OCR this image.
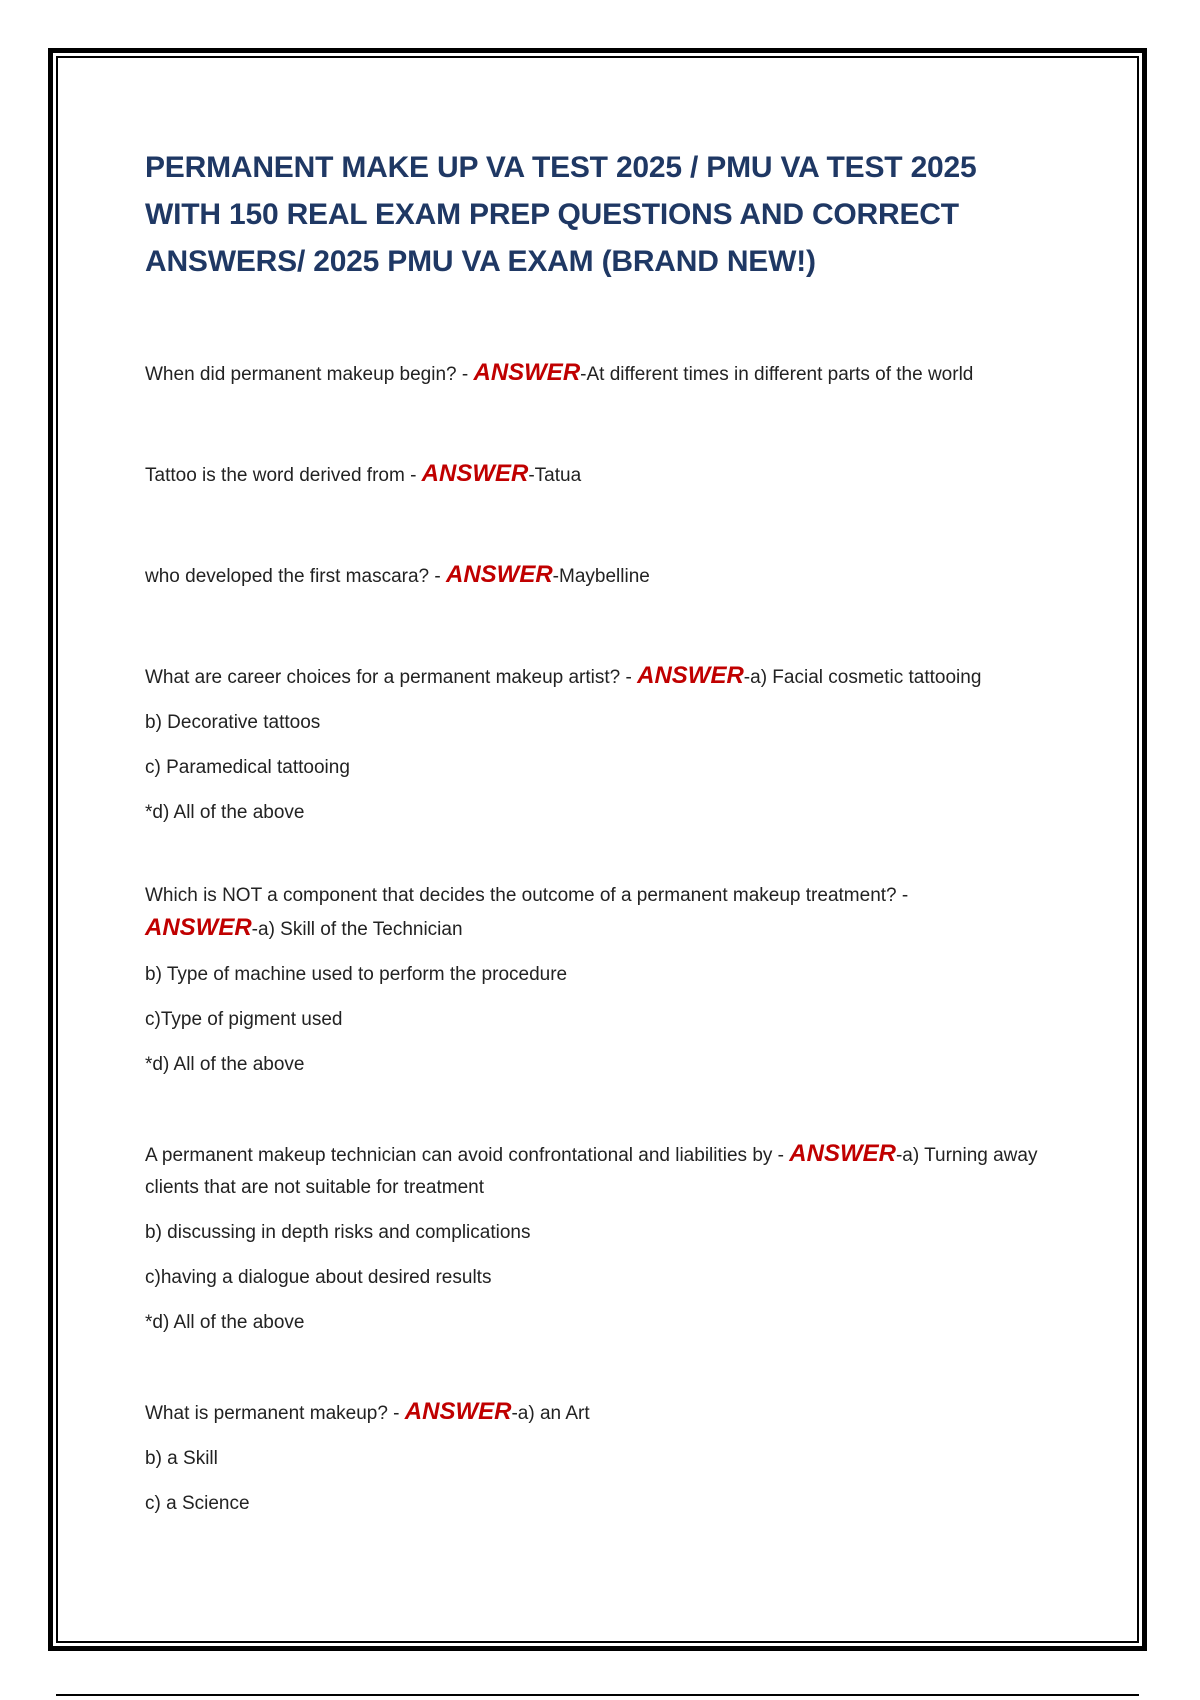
PERMANENT MAKE UP VA TEST 2025 / PMU VA TEST 2025 WITH 150 REAL EXAM PREP QUESTIONS AND CORRECT ANSWERS/ 2025 PMU VA EXAM (BRAND NEW!)

When did permanent makeup begin? - ANSWER-At different times in different parts of the world

Tattoo is the word derived from - ANSWER-Tatua

who developed the first mascara? - ANSWER-Maybelline

What are career choices for a permanent makeup artist? - ANSWER-a) Facial cosmetic tattooing

b) Decorative tattoos

c) Paramedical tattooing

*d) All of the above

Which is NOT a component that decides the outcome of a permanent makeup treatment? -
ANSWER-a) Skill of the Technician

b) Type of machine used to perform the procedure

c)Type of pigment used

*d) All of the above

A permanent makeup technician can avoid confrontational and liabilities by - ANSWER-a) Turning away clients that are not suitable for treatment

b) discussing in depth risks and complications

c)having a dialogue about desired results

*d) All of the above

What is permanent makeup? - ANSWER-a) an Art

b) a Skill

c) a Science
